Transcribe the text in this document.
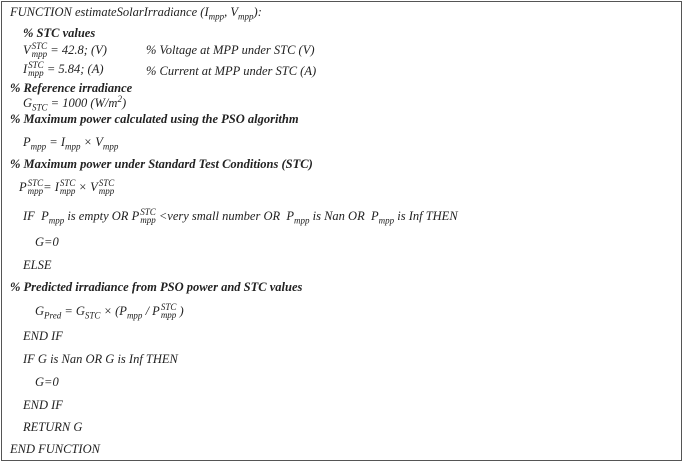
FUNCTION estimateSolarIrradiance ($I_{mpp}$, $V_{mpp}$):
% STC values
V STC
mpp = 42.8; (V)	% Voltage at MPP under STC (V)
I STC
mpp = 5.84; (A)	% Current at MPP under STC (A)
% Reference irradiance
$G_{STC} = 1000$ $(W/m^2)$
% Maximum power calculated using the PSO algorithm
$P_{mpp} = I_{mpp} \times V_{mpp}$
% Maximum power under Standard Test Conditions (STC)
P STC
mpp = I STC
mpp × V STC
mpp
IF $P_{mpp}$ is empty OR P STC
mpp <very small number OR $P_{mpp}$ is Nan OR $P_{mpp}$ is Inf THEN
G=0
ELSE
% Predicted irradiance from PSO power and STC values
$G_{Pred} = G_{STC} \times (P_{mpp} / P$ STC
mpp )
END IF
IF G is Nan OR G is Inf THEN
G=0
END IF
RETURN G
END FUNCTION
